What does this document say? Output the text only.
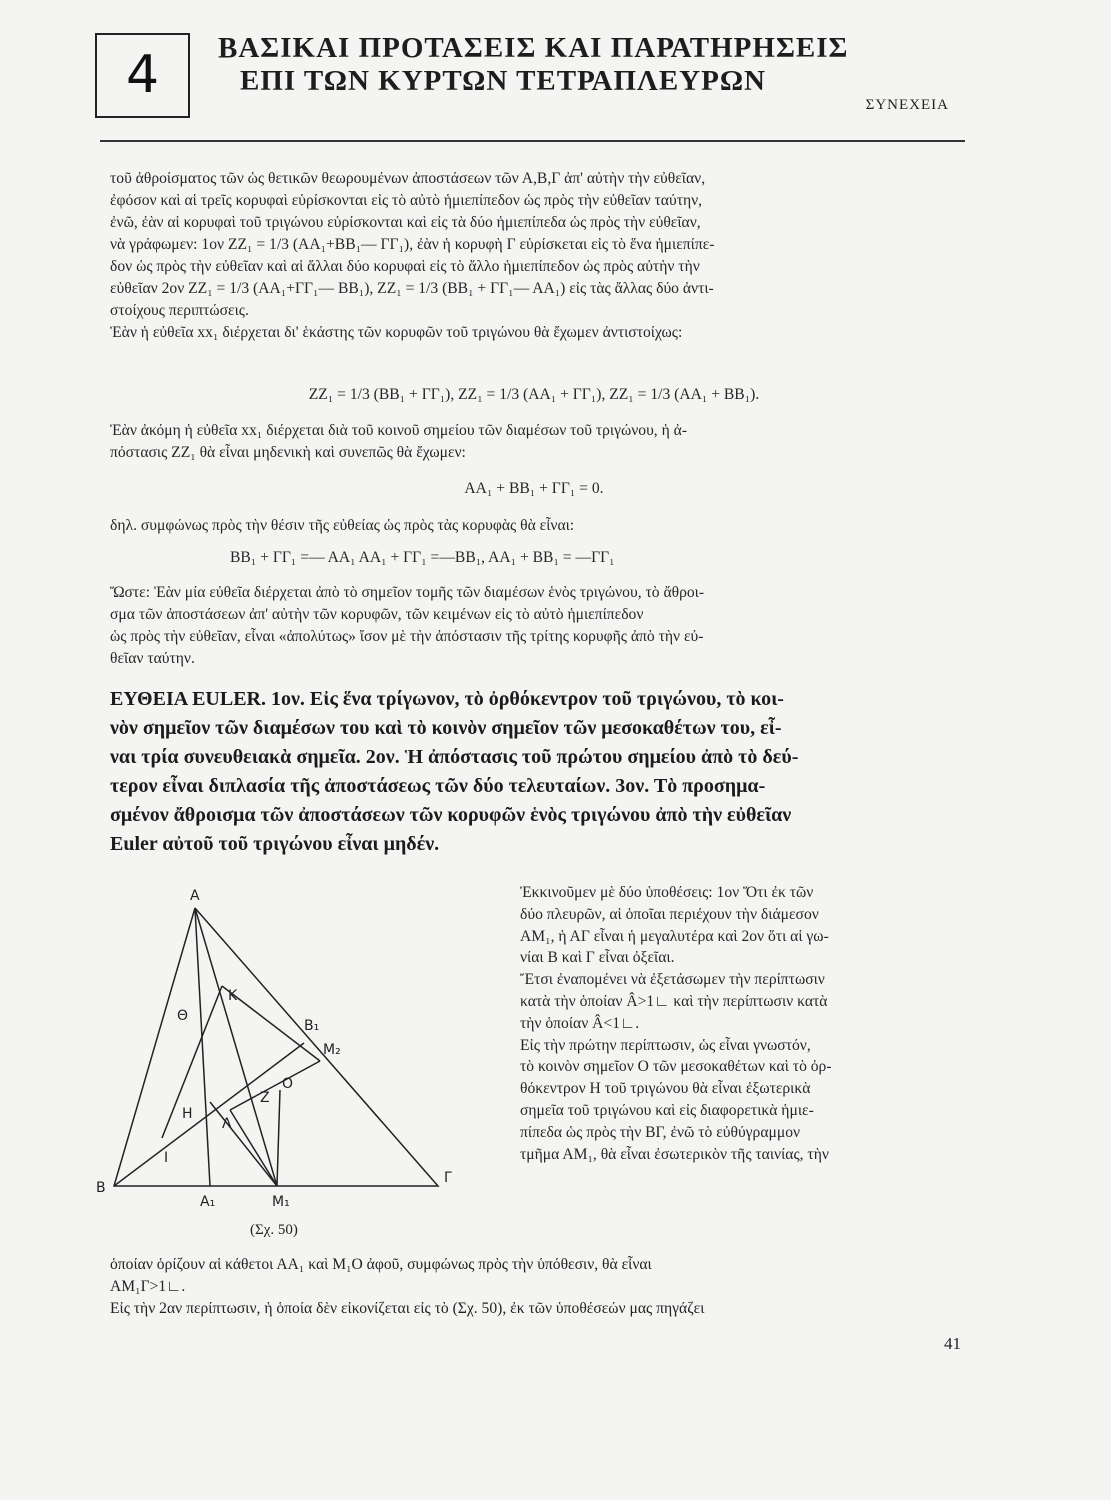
4	ΒΑΣΙΚΑΙ ΠΡΟΤΑΣΕΙΣ ΚΑΙ ΠΑΡΑΤΗΡΗΣΕΙΣ
ΕΠΙ ΤΩΝ ΚΥΡΤΩΝ ΤΕΤΡΑΠΛΕΥΡΩΝ
ΣΥΝΕΧΕΙΑ
τοῦ ἀθροίσματος τῶν ὡς θετικῶν θεωρουμένων ἀποστάσεων τῶν Α,Β,Γ ἀπ' αὐτὴν τὴν εὐθεῖαν,
ἐφόσον καὶ αἱ τρεῖς κορυφαὶ εὑρίσκονται εἰς τὸ αὐτὸ ἡμιεπίπεδον ὡς πρὸς τὴν εὐθεῖαν ταύτην,
ἐνῶ, ἐὰν αἱ κορυφαὶ τοῦ τριγώνου εὑρίσκονται καὶ εἰς τὰ δύο ἡμιεπίπεδα ὡς πρὸς τὴν εὐθεῖαν,
νὰ γράφωμεν: 1ον ΖΖ₁ = 1/3 (ΑΑ₁+ΒΒ₁— ΓΓ₁), ἐὰν ἡ κορυφὴ Γ εὑρίσκεται εἰς τὸ ἕνα ἡμιεπίπε-
δον ὡς πρὸς τὴν εὐθεῖαν καὶ αἱ ἄλλαι δύο κορυφαὶ εἰς τὸ ἄλλο ἡμιεπίπεδον ὡς πρὸς αὐτὴν τὴν
εὐθεῖαν 2ον ΖΖ₁ = 1/3 (ΑΑ₁+ΓΓ₁— ΒΒ₁), ΖΖ₁ = 1/3 (ΒΒ₁ + ΓΓ₁— ΑΑ₁) εἰς τὰς ἄλλας δύο ἀντι-
στοίχους περιπτώσεις.
Ἐὰν ἡ εὐθεῖα xx₁ διέρχεται δι' ἑκάστης τῶν κορυφῶν τοῦ τριγώνου θὰ ἔχωμεν ἀντιστοίχως:
ΖΖ₁ = 1/3 (ΒΒ₁ + ΓΓ₁), ΖΖ₁ = 1/3 (ΑΑ₁ + ΓΓ₁), ΖΖ₁ = 1/3 (ΑΑ₁ + ΒΒ₁).
Ἐὰν ἀκόμη ἡ εὐθεῖα xx₁ διέρχεται διὰ τοῦ κοινοῦ σημείου τῶν διαμέσων τοῦ τριγώνου, ἡ ἀ-
πόστασις ΖΖ₁ θὰ εἶναι μηδενικὴ καὶ συνεπῶς θὰ ἔχωμεν:
ΑΑ₁ + ΒΒ₁ + ΓΓ₁ = 0.
δηλ. συμφώνως πρὸς τὴν θέσιν τῆς εὐθείας ὡς πρὸς τὰς κορυφὰς θὰ εἶναι:
ΒΒ₁ + ΓΓ₁ =— ΑΑ₁ ΑΑ₁ + ΓΓ₁ =—ΒΒ₁, ΑΑ₁ + ΒΒ₁ = —ΓΓ₁
Ὥστε: Ἐὰν μία εὐθεῖα διέρχεται ἀπὸ τὸ σημεῖον τομῆς τῶν διαμέσων ἑνὸς τριγώνου, τὸ ἄθροι-
σμα τῶν ἀποστάσεων ἀπ' αὐτὴν τῶν κορυφῶν, τῶν κειμένων εἰς τὸ αὐτὸ ἡμιεπίπεδον
ὡς πρὸς τὴν εὐθεῖαν, εἶναι «ἀπολύτως» ἴσον μὲ τὴν ἀπόστασιν τῆς τρίτης κορυφῆς ἀπὸ τὴν εὐ-
θεῖαν ταύτην.
ΕΥΘΕΙΑ EULER. 1ον. Εἰς ἕνα τρίγωνον, τὸ ὀρθόκεντρον τοῦ τριγώνου, τὸ κοι-
νὸν σημεῖον τῶν διαμέσων του καὶ τὸ κοινὸν σημεῖον τῶν μεσοκαθέτων του, εἶ-
ναι τρία συνευθειακὰ σημεῖα. 2ον. Ἡ ἀπόστασις τοῦ πρώτου σημείου ἀπὸ τὸ δεύ-
τερον εἶναι διπλασία τῆς ἀποστάσεως τῶν δύο τελευταίων. 3ον. Τὸ προσημα-
σμένον ἄθροισμα τῶν ἀποστάσεων τῶν κορυφῶν ἑνὸς τριγώνου ἀπὸ τὴν εὐθεῖαν
Euler αὐτοῦ τοῦ τριγώνου εἶναι μηδέν.
Ἐκκινοῦμεν μὲ δύο ὑποθέσεις: 1ον Ὅτι ἐκ τῶν
δύο πλευρῶν, αἱ ὁποῖαι περιέχουν τὴν διάμεσον
ΑΜ₁, ἡ ΑΓ εἶναι ἡ μεγαλυτέρα καὶ 2ον ὅτι αἱ γω-
νίαι Β καὶ Γ εἶναι ὀξεῖαι.
Ἔτσι ἐναπομένει νὰ ἐξετάσωμεν τὴν περίπτωσιν
κατὰ τὴν ὁποίαν Â>1∟ καὶ τὴν περίπτωσιν κατὰ
τὴν ὁποίαν Â<1∟.
Εἰς τὴν πρώτην περίπτωσιν, ὡς εἶναι γνωστόν,
τὸ κοινὸν σημεῖον Ο τῶν μεσοκαθέτων καὶ τὸ ὀρ-
θόκεντρον Η τοῦ τριγώνου θὰ εἶναι ἐξωτερικὰ
σημεῖα τοῦ τριγώνου καὶ εἰς διαφορετικὰ ἡμιε-
πίπεδα ὡς πρὸς τὴν ΒΓ, ἐνῶ τὸ εὐθύγραμμον
τμῆμα ΑΜ₁, θὰ εἶναι ἐσωτερικὸν τῆς ταινίας, τὴν
A
B
Γ
K
Θ
B₁
M₂
O
Z
H
Λ
I
A₁	M₁
(Σχ. 50)
ὁποίαν ὁρίζουν αἱ κάθετοι ΑΑ₁ καὶ Μ₁Ο ἀφοῦ, συμφώνως πρὸς τὴν ὑπόθεσιν, θὰ εἶναι
ΑΜ₁Γ>1∟.
Εἰς τὴν 2αν περίπτωσιν, ἡ ὁποία δὲν εἰκονίζεται εἰς τὸ (Σχ. 50), ἐκ τῶν ὑποθέσεών μας πηγάζει
41
